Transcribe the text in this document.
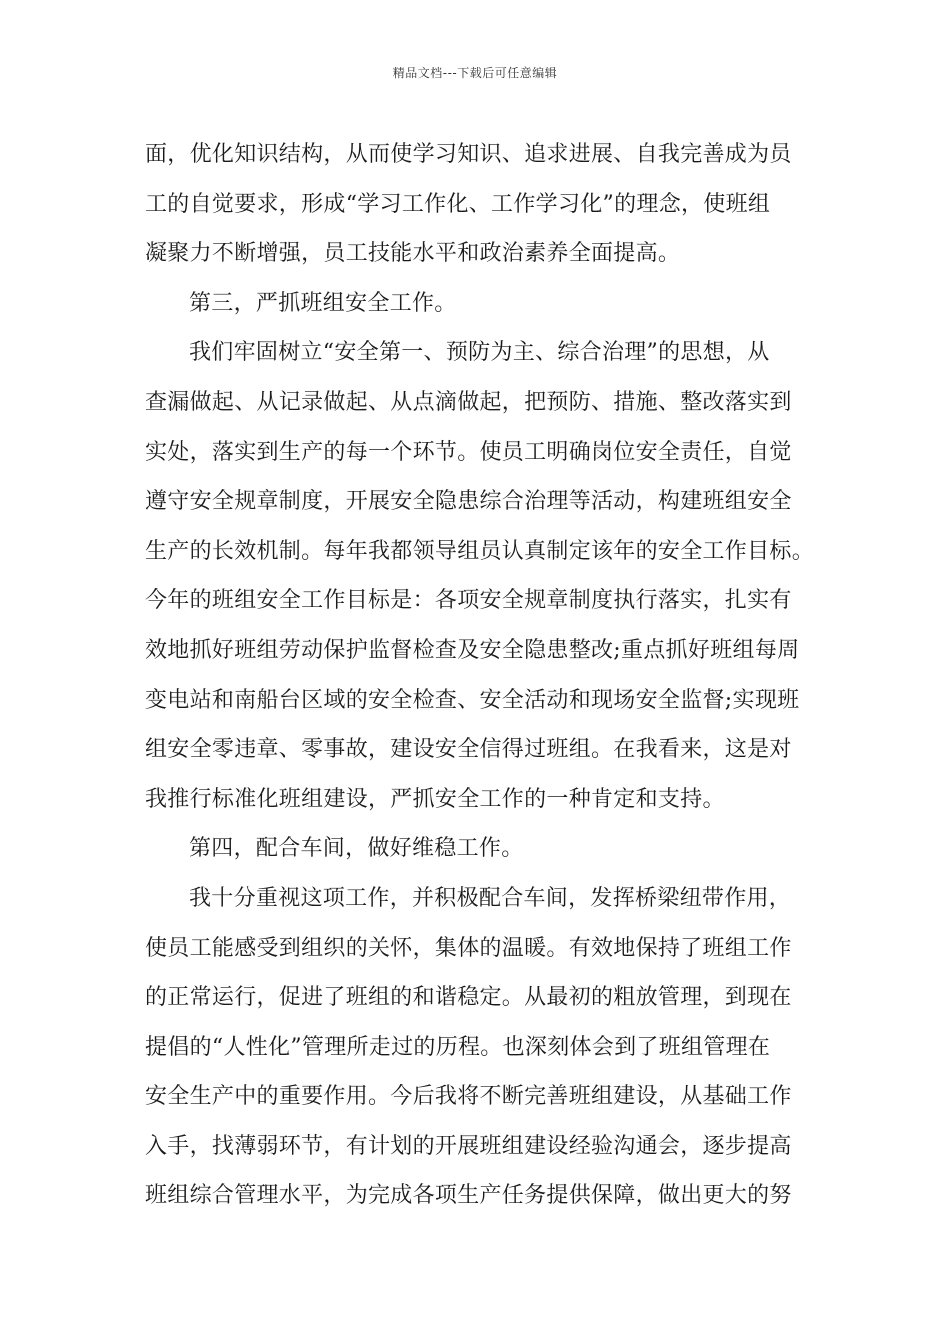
精品文档---下载后可任意编辑
面，优化知识结构，从而使学习知识、追求进展、自我完善成为员
工的自觉要求，形成“学习工作化、工作学习化”的理念，使班组
凝聚力不断增强，员工技能水平和政治素养全面提高。
第三，严抓班组安全工作。
我们牢固树立“安全第一、预防为主、综合治理”的思想，从
查漏做起、从记录做起、从点滴做起，把预防、措施、整改落实到
实处，落实到生产的每一个环节。使员工明确岗位安全责任，自觉
遵守安全规章制度，开展安全隐患综合治理等活动，构建班组安全
生产的长效机制。每年我都领导组员认真制定该年的安全工作目标。
今年的班组安全工作目标是：各项安全规章制度执行落实，扎实有
效地抓好班组劳动保护监督检查及安全隐患整改;重点抓好班组每周
变电站和南船台区域的安全检查、安全活动和现场安全监督;实现班
组安全零违章、零事故，建设安全信得过班组。在我看来，这是对
我推行标准化班组建设，严抓安全工作的一种肯定和支持。
第四，配合车间，做好维稳工作。
我十分重视这项工作，并积极配合车间，发挥桥梁纽带作用，
使员工能感受到组织的关怀，集体的温暖。有效地保持了班组工作
的正常运行，促进了班组的和谐稳定。从最初的粗放管理，到现在
提倡的“人性化”管理所走过的历程。也深刻体会到了班组管理在
安全生产中的重要作用。今后我将不断完善班组建设，从基础工作
入手，找薄弱环节，有计划的开展班组建设经验沟通会，逐步提高
班组综合管理水平，为完成各项生产任务提供保障，做出更大的努
